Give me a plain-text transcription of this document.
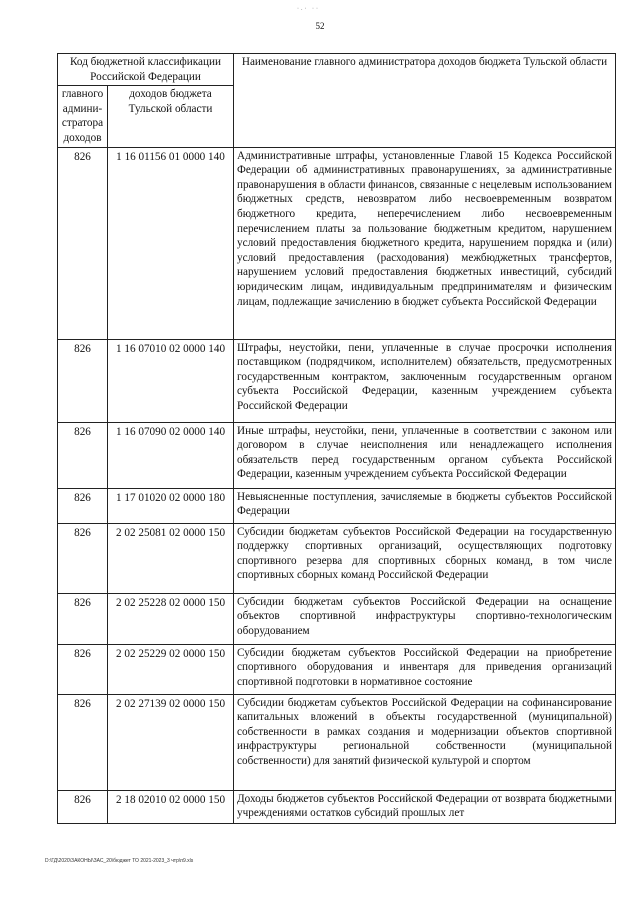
·.· ··
52
Код бюджетной классификации Российской Федерации		Наименование главного администратора доходов бюджета Тульской области
главного админи-стратора доходов	доходов бюджета Тульской области	
826	1 16 01156 01 0000 140	Административные штрафы, установленные Главой 15 Кодекса Российской Федерации об административных правонарушениях, за административные правонарушения в области финансов, связанные с нецелевым использованием бюджетных средств, невозвратом либо несвоевременным возвратом бюджетного кредита, неперечислением либо несвоевременным перечислением платы за пользование бюджетным кредитом, нарушением условий предоставления бюджетного кредита, нарушением порядка и (или) условий предоставления (расходования) межбюджетных трансфертов, нарушением условий предоставления бюджетных инвестиций, субсидий юридическим лицам, индивидуальным предпринимателям и физическим лицам, подлежащие зачислению в бюджет субъекта Российской Федерации
826	1 16 07010 02 0000 140	Штрафы, неустойки, пени, уплаченные в случае просрочки исполнения поставщиком (подрядчиком, исполнителем) обязательств, предусмотренных государственным контрактом, заключенным государственным органом субъекта Российской Федерации, казенным учреждением субъекта Российской Федерации
826	1 16 07090 02 0000 140	Иные штрафы, неустойки, пени, уплаченные в соответствии с законом или договором в случае неисполнения или ненадлежащего исполнения обязательств перед государственным органом субъекта Российской Федерации, казенным учреждением субъекта Российской Федерации
826	1 17 01020 02 0000 180	Невыясненные поступления, зачисляемые в бюджеты субъектов Российской Федерации
826	2 02 25081 02 0000 150	Субсидии бюджетам субъектов Российской Федерации на государственную поддержку спортивных организаций, осуществляющих подготовку спортивного резерва для спортивных сборных команд, в том числе спортивных сборных команд Российской Федерации
826	2 02 25228 02 0000 150	Субсидии бюджетам субъектов Российской Федерации на оснащение объектов спортивной инфраструктуры спортивно-технологическим оборудованием
826	2 02 25229 02 0000 150	Субсидии бюджетам субъектов Российской Федерации на приобретение спортивного оборудования и инвентаря для приведения организаций спортивной подготовки в нормативное состояние
826	2 02 27139 02 0000 150	Субсидии бюджетам субъектов Российской Федерации на софинансирование капитальных вложений в объекты государственной (муниципальной) собственности в рамках создания и модернизации объектов спортивной инфраструктуры региональной собственности (муниципальной собственности) для занятий физической культурой и спортом
826	2 18 02010 02 0000 150	Доходы бюджетов субъектов Российской Федерации от возврата бюджетными учреждениями остатков субсидий прошлых лет
D:\ГД\2020\ЗАКОНЫ\ЗАС_20\бюджет ТО 2021-2023_3 чтр\п9.xls
